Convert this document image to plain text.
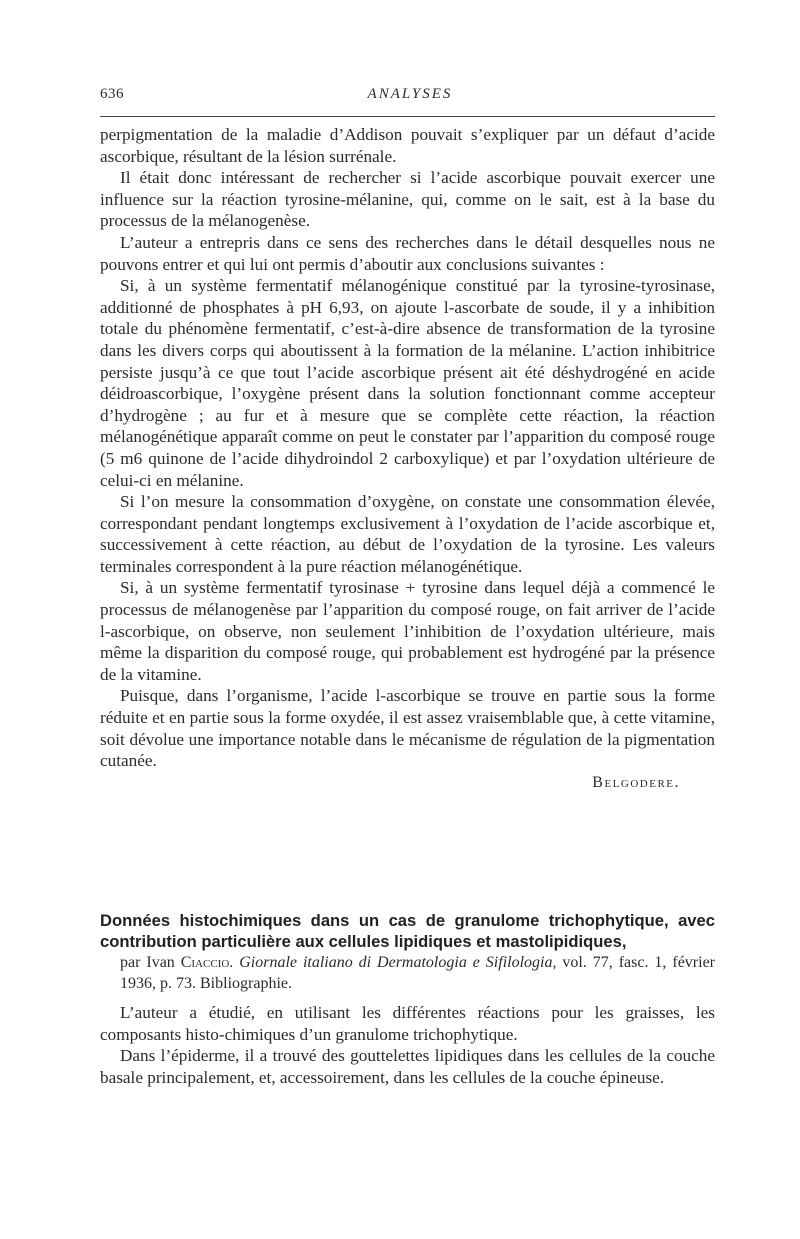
636	ANALYSES

perpigmentation de la maladie d’Addison pouvait s’expliquer par un défaut d’acide ascorbique, résultant de la lésion surrénale.

Il était donc intéressant de rechercher si l’acide ascorbique pouvait exercer une influence sur la réaction tyrosine-mélanine, qui, comme on le sait, est à la base du processus de la mélanogenèse.

L’auteur a entrepris dans ce sens des recherches dans le détail desquelles nous ne pouvons entrer et qui lui ont permis d’aboutir aux conclusions suivantes :

Si, à un système fermentatif mélanogénique constitué par la tyrosine-tyrosinase, additionné de phosphates à pH 6,93, on ajoute l-ascorbate de soude, il y a inhibition totale du phénomène fermentatif, c’est-à-dire absence de transformation de la tyrosine dans les divers corps qui aboutissent à la formation de la mélanine. L’action inhibitrice persiste jusqu’à ce que tout l’acide ascorbique présent ait été déshydrogéné en acide déidroascorbique, l’oxygène présent dans la solution fonctionnant comme accepteur d’hydrogène ; au fur et à mesure que se complète cette réaction, la réaction mélanogénétique apparaît comme on peut le constater par l’apparition du composé rouge (5 m6 quinone de l’acide dihydroindol 2 carboxylique) et par l’oxydation ultérieure de celui-ci en mélanine.

Si l’on mesure la consommation d’oxygène, on constate une consommation élevée, correspondant pendant longtemps exclusivement à l’oxydation de l’acide ascorbique et, successivement à cette réaction, au début de l’oxydation de la tyrosine. Les valeurs terminales correspondent à la pure réaction mélanogénétique.

Si, à un système fermentatif tyrosinase + tyrosine dans lequel déjà a commencé le processus de mélanogenèse par l’apparition du composé rouge, on fait arriver de l’acide l-ascorbique, on observe, non seulement l’inhibition de l’oxydation ultérieure, mais même la disparition du composé rouge, qui probablement est hydrogéné par la présence de la vitamine.

Puisque, dans l’organisme, l’acide l-ascorbique se trouve en partie sous la forme réduite et en partie sous la forme oxydée, il est assez vraisemblable que, à cette vitamine, soit dévolue une importance notable dans le mécanisme de régulation de la pigmentation cutanée.

Belgodere.

Données histochimiques dans un cas de granulome trichophytique, avec contribution particulière aux cellules lipidiques et mastolipidiques,

par Ivan Ciaccio. Giornale italiano di Dermatologia e Sifilologia, vol. 77, fasc. 1, février 1936, p. 73. Bibliographie.

L’auteur a étudié, en utilisant les différentes réactions pour les graisses, les composants histo-chimiques d’un granulome trichophytique.

Dans l’épiderme, il a trouvé des gouttelettes lipidiques dans les cellules de la couche basale principalement, et, accessoirement, dans les cellules de la couche épineuse.
